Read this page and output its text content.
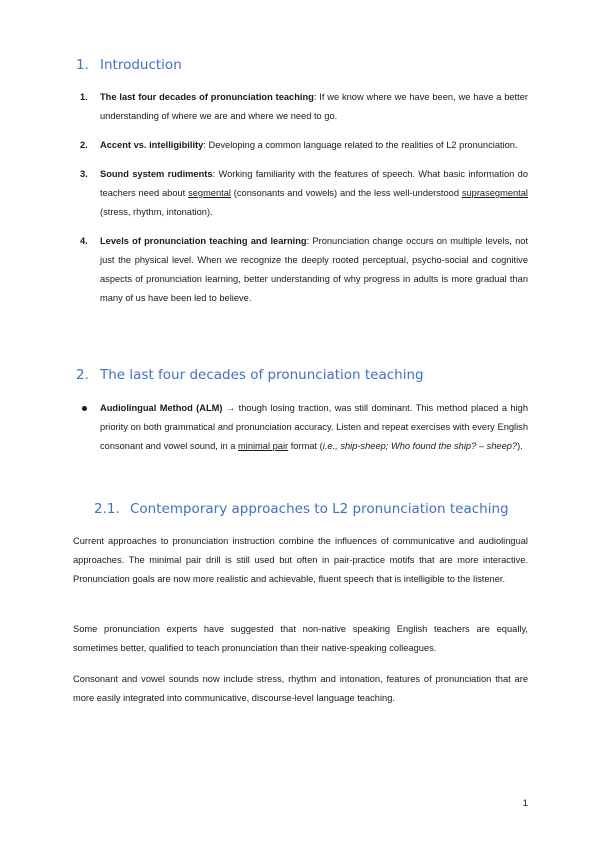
1. Introduction
1. The last four decades of pronunciation teaching: If we know where we have been, we have a better understanding of where we are and where we need to go.
2. Accent vs. intelligibility: Developing a common language related to the realities of L2 pronunciation.
3. Sound system rudiments: Working familiarity with the features of speech. What basic information do teachers need about segmental (consonants and vowels) and the less well-understood suprasegmental (stress, rhythm, intonation).
4. Levels of pronunciation teaching and learning: Pronunciation change occurs on multiple levels, not just the physical level. When we recognize the deeply rooted perceptual, psycho-social and cognitive aspects of pronunciation learning, better understanding of why progress in adults is more gradual than many of us have been led to believe.
2. The last four decades of pronunciation teaching
Audiolingual Method (ALM) → though losing traction, was still dominant. This method placed a high priority on both grammatical and pronunciation accuracy. Listen and repeat exercises with every English consonant and vowel sound, in a minimal pair format (i.e., ship-sheep; Who found the ship? – sheep?).
2.1. Contemporary approaches to L2 pronunciation teaching
Current approaches to pronunciation instruction combine the influences of communicative and audiolingual approaches. The minimal pair drill is still used but often in pair-practice motifs that are more interactive. Pronunciation goals are now more realistic and achievable, fluent speech that is intelligible to the listener.
Some pronunciation experts have suggested that non-native speaking English teachers are equally, sometimes better, qualified to teach pronunciation than their native-speaking colleagues.
Consonant and vowel sounds now include stress, rhythm and intonation, features of pronunciation that are more easily integrated into communicative, discourse-level language teaching.
1
